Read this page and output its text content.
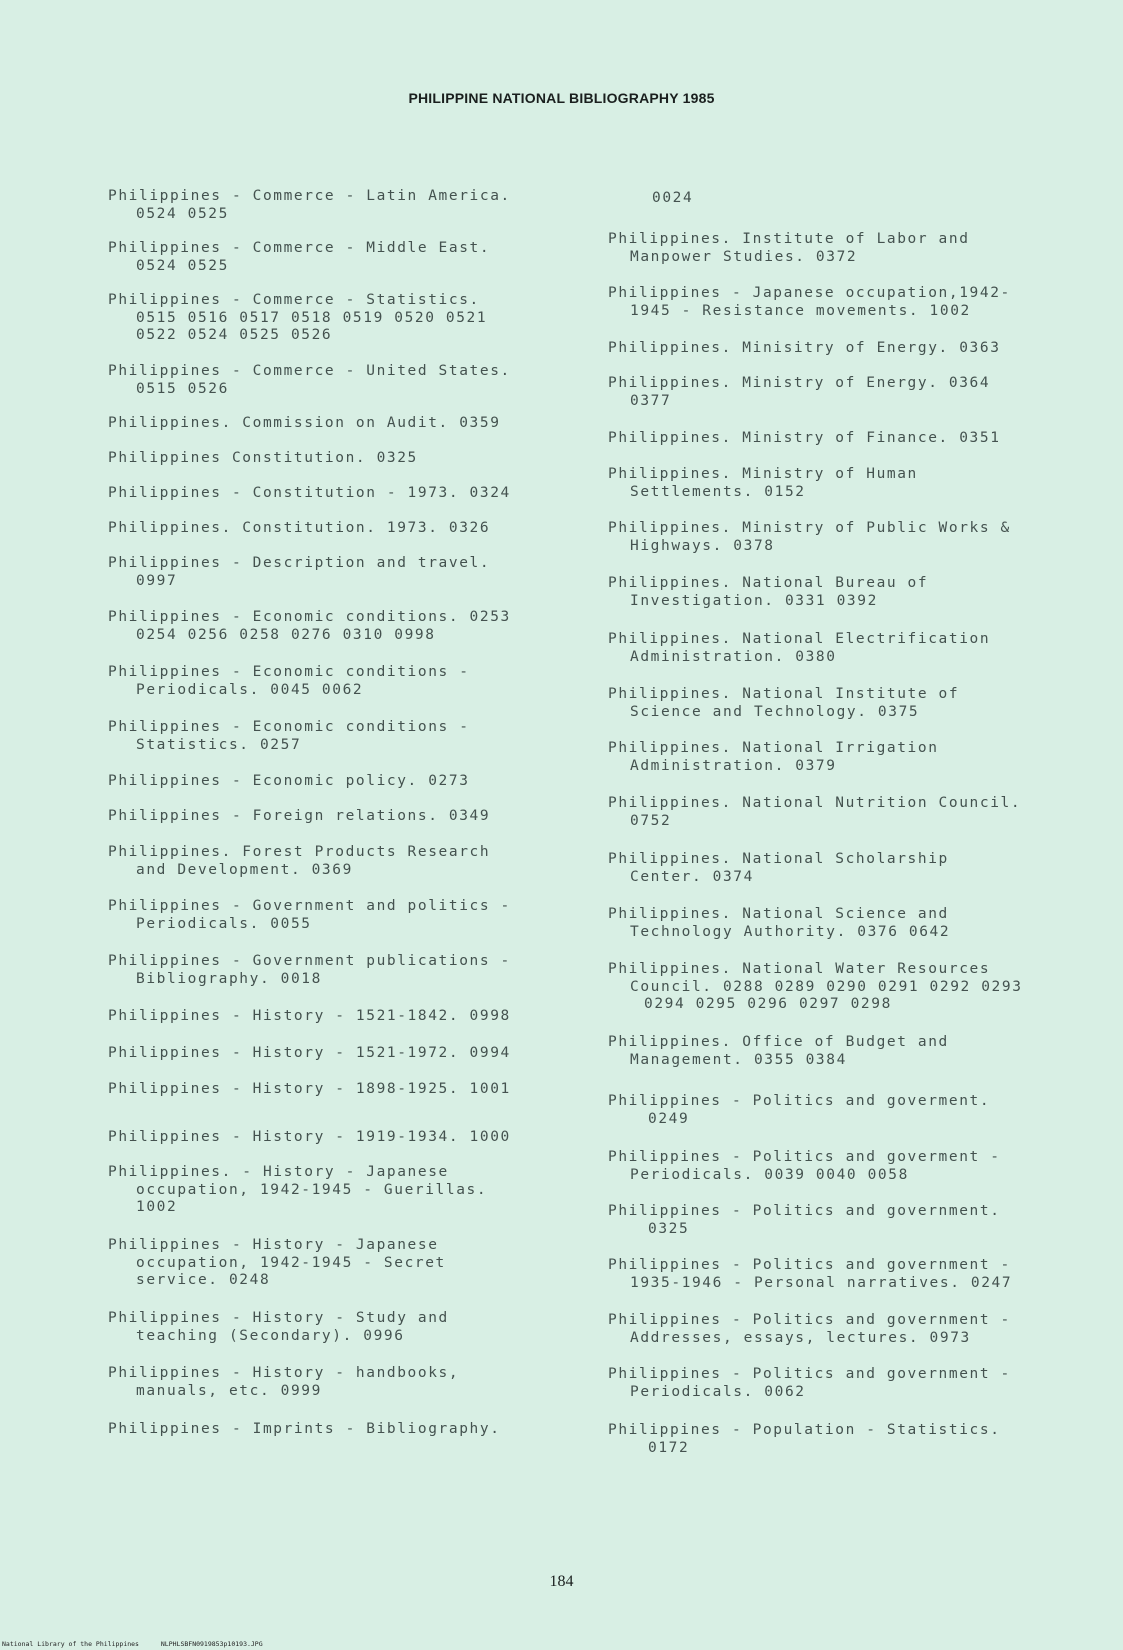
PHILIPPINE NATIONAL BIBLIOGRAPHY 1985
Philippines - Commerce - Latin America.
0524 0525
Philippines - Commerce - Middle East.
0524 0525
Philippines - Commerce - Statistics.
0515 0516 0517 0518 0519 0520 0521
0522 0524 0525 0526
Philippines - Commerce - United States.
0515 0526
Philippines. Commission on Audit. 0359
Philippines Constitution. 0325
Philippines - Constitution - 1973. 0324
Philippines. Constitution. 1973. 0326
Philippines - Description and travel.
0997
Philippines - Economic conditions. 0253
0254 0256 0258 0276 0310 0998
Philippines - Economic conditions -
Periodicals. 0045 0062
Philippines - Economic conditions -
Statistics. 0257
Philippines - Economic policy. 0273
Philippines - Foreign relations. 0349
Philippines. Forest Products Research
and Development. 0369
Philippines - Government and politics -
Periodicals. 0055
Philippines - Government publications -
Bibliography. 0018
Philippines - History - 1521-1842. 0998
Philippines - History - 1521-1972. 0994
Philippines - History - 1898-1925. 1001
Philippines - History - 1919-1934. 1000
Philippines. - History - Japanese
occupation, 1942-1945 - Guerillas.
1002
Philippines - History - Japanese
occupation, 1942-1945 - Secret
service. 0248
Philippines - History - Study and
teaching (Secondary). 0996
Philippines - History - handbooks,
manuals, etc. 0999
Philippines - Imprints - Bibliography.
0024
Philippines. Institute of Labor and
Manpower Studies. 0372
Philippines - Japanese occupation,1942-
1945 - Resistance movements. 1002
Philippines. Minisitry of Energy. 0363
Philippines. Ministry of Energy. 0364
0377
Philippines. Ministry of Finance. 0351
Philippines. Ministry of Human
Settlements. 0152
Philippines. Ministry of Public Works &
Highways. 0378
Philippines. National Bureau of
Investigation. 0331 0392
Philippines. National Electrification
Administration. 0380
Philippines. National Institute of
Science and Technology. 0375
Philippines. National Irrigation
Administration. 0379
Philippines. National Nutrition Council.
0752
Philippines. National Scholarship
Center. 0374
Philippines. National Science and
Technology Authority. 0376 0642
Philippines. National Water Resources
Council. 0288 0289 0290 0291 0292 0293
0294 0295 0296 0297 0298
Philippines. Office of Budget and
Management. 0355 0384
Philippines - Politics and goverment.
0249
Philippines - Politics and goverment -
Periodicals. 0039 0040 0058
Philippines - Politics and government.
0325
Philippines - Politics and government -
1935-1946 - Personal narratives. 0247
Philippines - Politics and government -
Addresses, essays, lectures. 0973
Philippines - Politics and government -
Periodicals. 0062
Philippines - Population - Statistics.
0172
184
National Library of the Philippines	NLPHLSBFN0919853p10193.JPG
